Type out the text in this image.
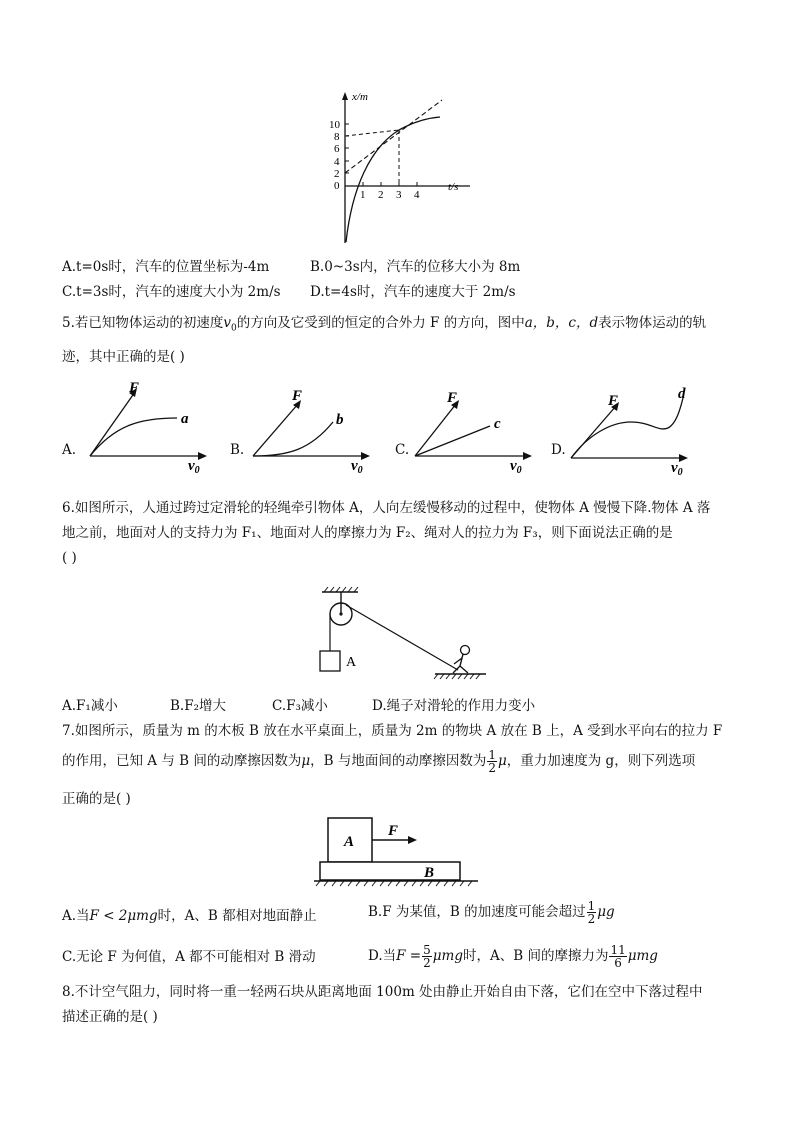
x/m
t/s
10
8
6
4
2
0
1 2 3 4
A.t=0s时，汽车的位置坐标为-4m	B.0~3s内，汽车的位移大小为 8m
C.t=3s时，汽车的速度大小为 2m/s D.t=4s时，汽车的速度大于 2m/s
5.若已知物体运动的初速度$v_0$的方向及它受到的恒定的合外力 F 的方向，图中a，b，c，d表示物体运动的轨
迹，其中正确的是( )
F
a
$v_0$
A.
F
b
$v_0$
B.
F
c
$v_0$
C.
F	d
$v_0$
D.
6.如图所示，人通过跨过定滑轮的轻绳牵引物体 A，人向左缓慢移动的过程中，使物体 A 慢慢下降.物体 A 落
地之前，地面对人的支持力为 F₁、地面对人的摩擦力为 F₂、绳对人的拉力为 F₃，则下面说法正确的是
( )
A
A.F₁减小	B.F₂增大	C.F₃减小	D.绳子对滑轮的作用力变小
7.如图所示，质量为 m 的木板 B 放在水平桌面上，质量为 2m 的物块 A 放在 B 上，A 受到水平向右的拉力 F
的作用，已知 A 与 B 间的动摩擦因数为μ，B 与地面间的动摩擦因数为 $\frac{1}{2}$ μ，重力加速度为 g，则下列选项
正确的是( )
A
F
B
A.当F < 2μmg时，A、B 都相对地面静止	B.F 为某值，B 的加速度可能会超过 $\frac{1}{2}$ μg
C.无论 F 为何值，A 都不可能相对 B 滑动	D.当$F = \frac{5}{2}$ μmg时，A、B 间的摩擦力为 $\frac{11}{6}$ μmg
8.不计空气阻力，同时将一重一轻两石块从距离地面 100m 处由静止开始自由下落，它们在空中下落过程中
描述正确的是( )
